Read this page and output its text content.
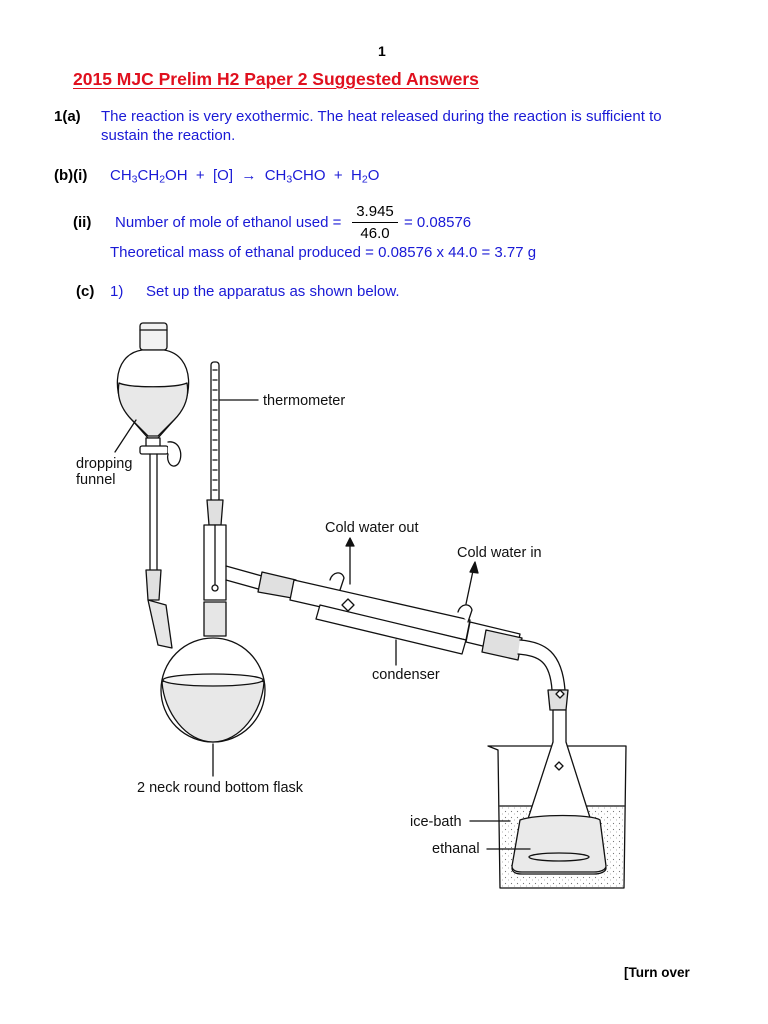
1
2015 MJC Prelim H2 Paper 2 Suggested Answers
1(a) The reaction is very exothermic. The heat released during the reaction is sufficient to
sustain the reaction.
(b)(i) $CH_3CH_2OH + [O] \to CH_3CHO + H_2O$
(ii) Number of mole of ethanol used =
3.945
46.0
= 0.08576
Theoretical mass of ethanal produced = 0.08576 x 44.0 = 3.77 g
(c) 1) Set up the apparatus as shown below.
thermometer
dropping
funnel
Cold water out
Cold water in
condenser
2 neck round bottom flask
ice-bath
ethanal
[Turn over
